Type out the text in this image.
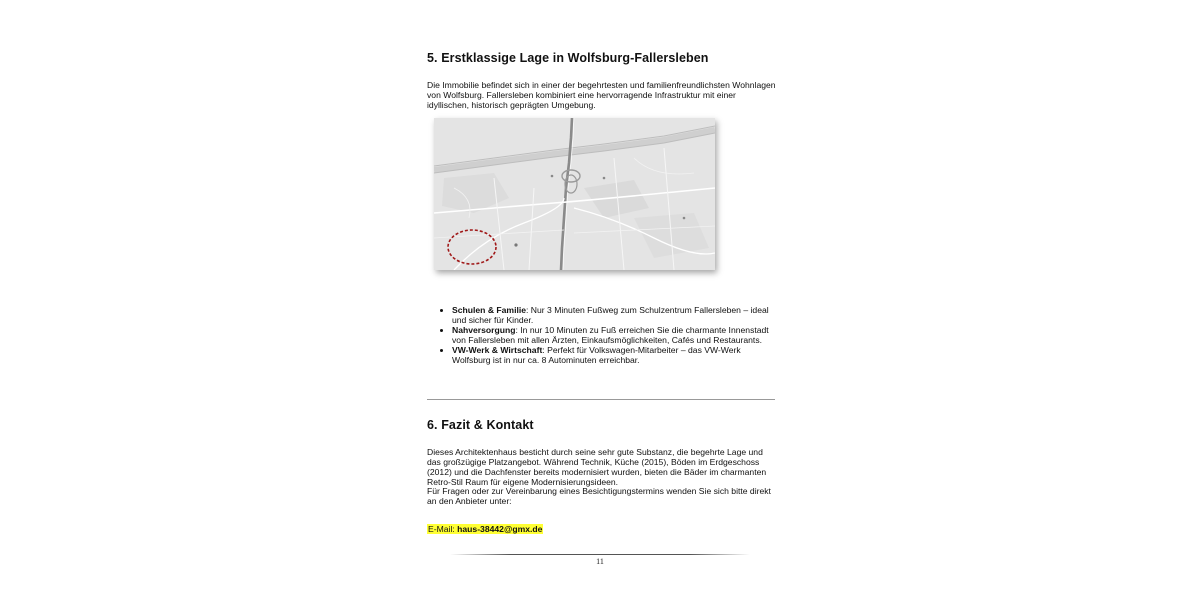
5. Erstklassige Lage in Wolfsburg-Fallersleben
Die Immobilie befindet sich in einer der begehrtesten und familienfreundlichsten Wohnlagen von Wolfsburg. Fallersleben kombiniert eine hervorragende Infrastruktur mit einer idyllischen, historisch geprägten Umgebung.
• Schulen & Familie: Nur 3 Minuten Fußweg zum Schulzentrum Fallersleben – ideal und sicher für Kinder.
• Nahversorgung: In nur 10 Minuten zu Fuß erreichen Sie die charmante Innenstadt von Fallersleben mit allen Ärzten, Einkaufsmöglichkeiten, Cafés und Restaurants.
• VW-Werk & Wirtschaft: Perfekt für Volkswagen-Mitarbeiter – das VW-Werk Wolfsburg ist in nur ca. 8 Autominuten erreichbar.
6. Fazit & Kontakt
Dieses Architektenhaus besticht durch seine sehr gute Substanz, die begehrte Lage und das großzügige Platzangebot. Während Technik, Küche (2015), Böden im Erdgeschoss (2012) und die Dachfenster bereits modernisiert wurden, bieten die Bäder im charmanten Retro-Stil Raum für eigene Modernisierungsideen.
Für Fragen oder zur Vereinbarung eines Besichtigungstermins wenden Sie sich bitte direkt an den Anbieter unter:
E-Mail: haus-38442@gmx.de
11
